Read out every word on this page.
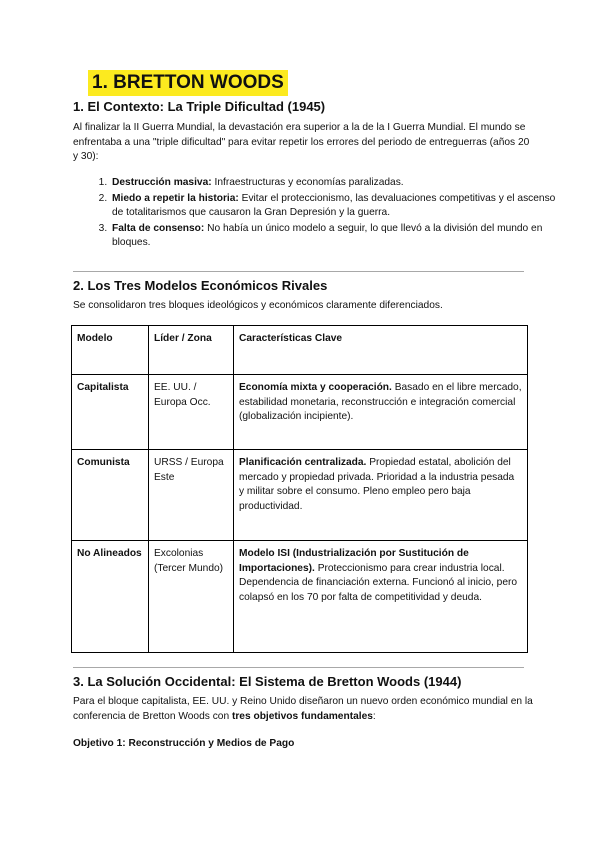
1. BRETTON WOODS
1. El Contexto: La Triple Dificultad (1945)

Al finalizar la II Guerra Mundial, la devastación era superior a la de la I Guerra Mundial. El mundo se enfrentaba a una "triple dificultad" para evitar repetir los errores del periodo de entreguerras (años 20 y 30):

1. Destrucción masiva: Infraestructuras y economías paralizadas.
2. Miedo a repetir la historia: Evitar el proteccionismo, las devaluaciones competitivas y el ascenso de totalitarismos que causaron la Gran Depresión y la guerra.
3. Falta de consenso: No había un único modelo a seguir, lo que llevó a la división del mundo en bloques.
2. Los Tres Modelos Económicos Rivales

Se consolidaron tres bloques ideológicos y económicos claramente diferenciados.

Modelo	Líder / Zona	Características Clave
Capitalista	EE. UU. / Europa Occ.	Economía mixta y cooperación. Basado en el libre mercado, estabilidad monetaria, reconstrucción e integración comercial (globalización incipiente).
Comunista	URSS / Europa Este	Planificación centralizada. Propiedad estatal, abolición del mercado y propiedad privada. Prioridad a la industria pesada y militar sobre el consumo. Pleno empleo pero baja productividad.
No Alineados	Excolonias (Tercer Mundo)	Modelo ISI (Industrialización por Sustitución de Importaciones). Proteccionismo para crear industria local. Dependencia de financiación externa. Funcionó al inicio, pero colapsó en los 70 por falta de competitividad y deuda.
3. La Solución Occidental: El Sistema de Bretton Woods (1944)

Para el bloque capitalista, EE. UU. y Reino Unido diseñaron un nuevo orden económico mundial en la conferencia de Bretton Woods con tres objetivos fundamentales:

Objetivo 1: Reconstrucción y Medios de Pago
